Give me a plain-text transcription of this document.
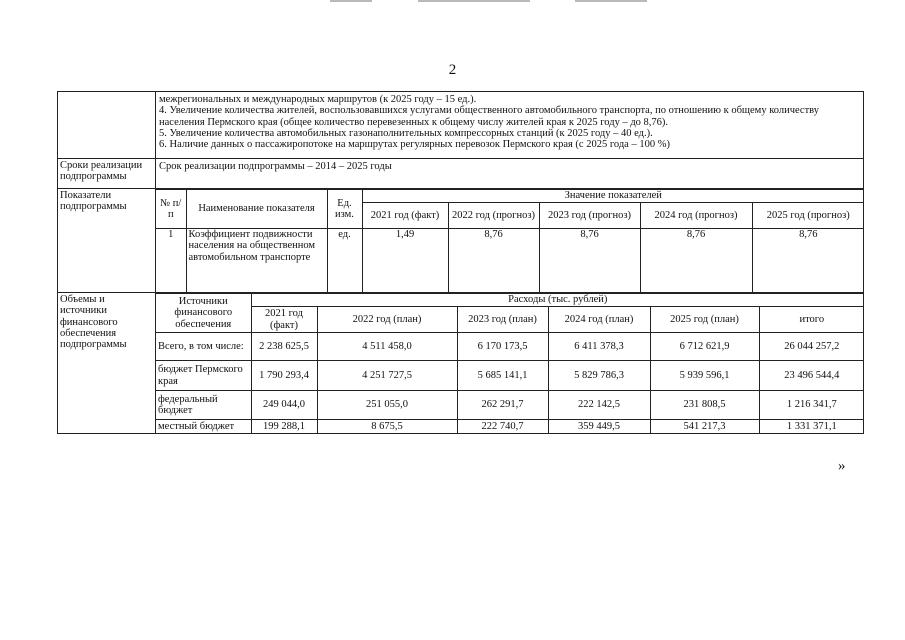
2

межрегиональных и международных маршрутов (к 2025 году – 15 ед.).
4. Увеличение количества жителей, воспользовавшихся услугами общественного автомобильного транспорта, по отношению к общему количеству населения Пермского края (общее количество перевезенных к общему числу жителей края к 2025 году – до 8,76).
5. Увеличение количества автомобильных газонаполнительных компрессорных станций (к 2025 году – 40 ед.).
6. Наличие данных о пассажиропотоке на маршрутах регулярных перевозок Пермского края (с 2025 года – 100 %)

Сроки реализации подпрограммы	Срок реализации подпрограммы – 2014 – 2025 годы
Показатели подпрограммы		№ п/п	Наименование показателя	Ед. изм.	Значение показателей
2021 год (факт)	2022 год (прогноз)	2023 год (прогноз)	2024 год (прогноз)	2025 год (прогноз)
1	Коэффициент подвижности населения на общественном автомобильном транспорте	ед.	1,49	8,76	8,76	8,76	8,76

Объемы и источники финансового обеспечения подпрограммы	
Источники финансового обеспечения	Расходы (тыс. рублей)
2021 год (факт)	2022 год (план)	2023 год (план)	2024 год (план)	2025 год (план)	итого
Всего, в том числе:	2 238 625,5	4 511 458,0	6 170 173,5	6 411 378,3	6 712 621,9	26 044 257,2
бюджет Пермского края	1 790 293,4	4 251 727,5	5 685 141,1	5 829 786,3	5 939 596,1	23 496 544,4
федеральный бюджет	249 044,0	251 055,0	262 291,7	222 142,5	231 808,5	1 216 341,7
местный бюджет	199 288,1	8 675,5	222 740,7	359 449,5	541 217,3	1 331 371,1
»
